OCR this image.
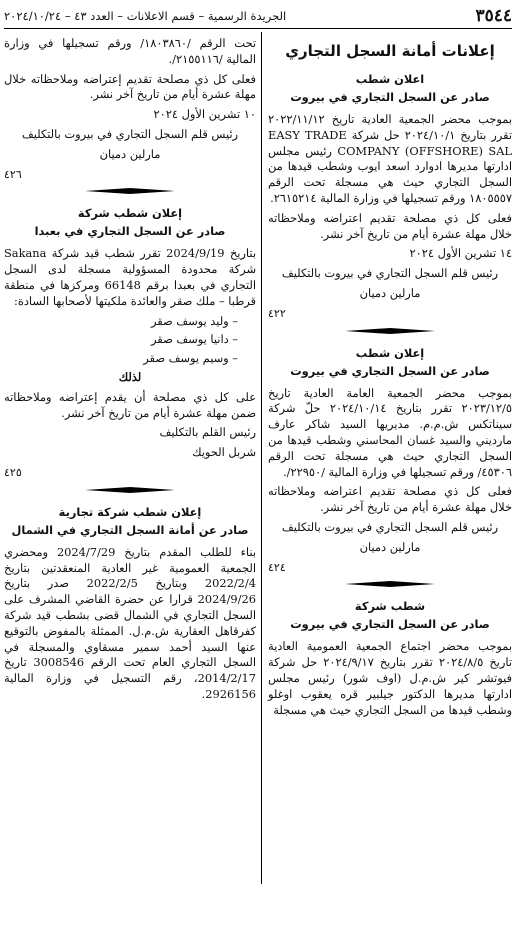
٣٥٤٤
الجريدة الرسمية – قسم الاعلانات – العدد ٤٣ – ٢٠٢٤/١٠/٢٤
إعلانات أمانة السجل التجاري
اعلان شطب
صادر عن السجل التجاري في بيروت

بموجب محضر الجمعية العادية تاريخ ٢٠٢٢/١١/١٢ تقرر بتاريخ ٢٠٢٤/١٠/١ حل شركة EASY TRADE COMPANY (OFFSHORE) SAL رئيس مجلس ادارتها مديرها ادوارد اسعد ايوب وشطب قيدها من السجل التجاري حيث هي مسجلة تحت الرقم ١٨٠٥٥٥٧ ورقم تسجيلها في وزارة المالية ٢٦١٥٢١٤.

فعلى كل ذي مصلحة تقديم اعتراضه وملاحظاته خلال مهلة عشرة أيام من تاريخ آخر نشر.

١٤ تشرين الأول ٢٠٢٤

رئيس قلم السجل التجاري في بيروت بالتكليف

مارلين دميان

٤٢٢

إعلان شطب
صادر عن السجل التجاري في بيروت

بموجب محضر الجمعية العامة العادية تاريخ ٢٠٢٣/١٢/٥ تقرر بتاريخ ٢٠٢٤/١٠/١٤ حلّ شركة سيناتكس ش.م.م. مديريها السيد شاكر عارف مارديني والسيد غسان المحاسني وشطب قيدها من السجل التجاري حيث هي مسجلة تحت الرقم ٤٥٣٠٦/ ورقم تسجيلها في وزارة المالية /٢٢٩٥٠/.

فعلى كل ذي مصلحة تقديم اعتراضه وملاحظاته خلال مهلة عشرة أيام من تاريخ آخر نشر.

رئيس قلم السجل التجاري في بيروت بالتكليف

مارلين دميان

٤٢٤

شطب شركة
صادر عن السجل التجاري في بيروت

بموجب محضر اجتماع الجمعية العمومية العادية تاريخ ٢٠٢٤/٨/٥ تقرر بتاريخ ٢٠٢٤/٩/١٧ حل شركة فيوتشر كير ش.م.ل (اوف شور) رئيس مجلس ادارتها مديرها الدكتور جيلبير قره يعقوب اوغلو وشطب قيدها من السجل التجاري حيث هي مسجلة

تحت الرقم /١٨٠٣٨٦٠/ ورقم تسجيلها في وزارة المالية /٢١٥٥١١٦/.

فعلى كل ذي مصلحة تقديم إعتراضه وملاحظاته خلال مهلة عشرة أيام من تاريخ آخر نشر.

١٠ تشرين الأول ٢٠٢٤

رئيس قلم السجل التجاري في بيروت بالتكليف

مارلين دميان

٤٢٦

إعلان شطب شركة
صادر عن السجل التجاري في بعبدا

بتاريخ 2024/9/19 تقرر شطب قيد شركة Sakana شركة محدودة المسؤولية مسجلة لدى السجل التجاري في بعبدا برقم 66148 ومركزها في منطقة قرطبا – ملك صقر والعائدة ملكيتها لأصحابها السادة:

– وليد يوسف صقر

– دانيا يوسف صقر

– وسيم يوسف صقر

لذلك

على كل ذي مصلحة أن يقدم إعتراضه وملاحظاته ضمن مهلة عشرة أيام من تاريخ آخر نشر.

رئيس القلم بالتكليف

شربل الحويك

٤٢٥

إعلان شطب شركة تجارية
صادر عن أمانة السجل التجاري في الشمال

بناء للطلب المقدم بتاريخ 2024/7/29 ومحضري الجمعية العمومية غير العادية المنعقدتين بتاريخ 2022/2/4 وبتاريخ 2022/2/5 صدر بتاريخ 2024/9/26 قرارا عن حضرة القاضي المشرف على السجل التجاري في الشمال قضى بشطب قيد شركة كفرقاهل العقارية ش.م.ل. الممثلة بالمفوض بالتوقيع عنها السيد أحمد سمير مسقاوي والمسجلة في السجل التجاري العام تحت الرقم 3008546 تاريخ 2014/2/17، رقم التسجيل في وزارة المالية 2926156.
